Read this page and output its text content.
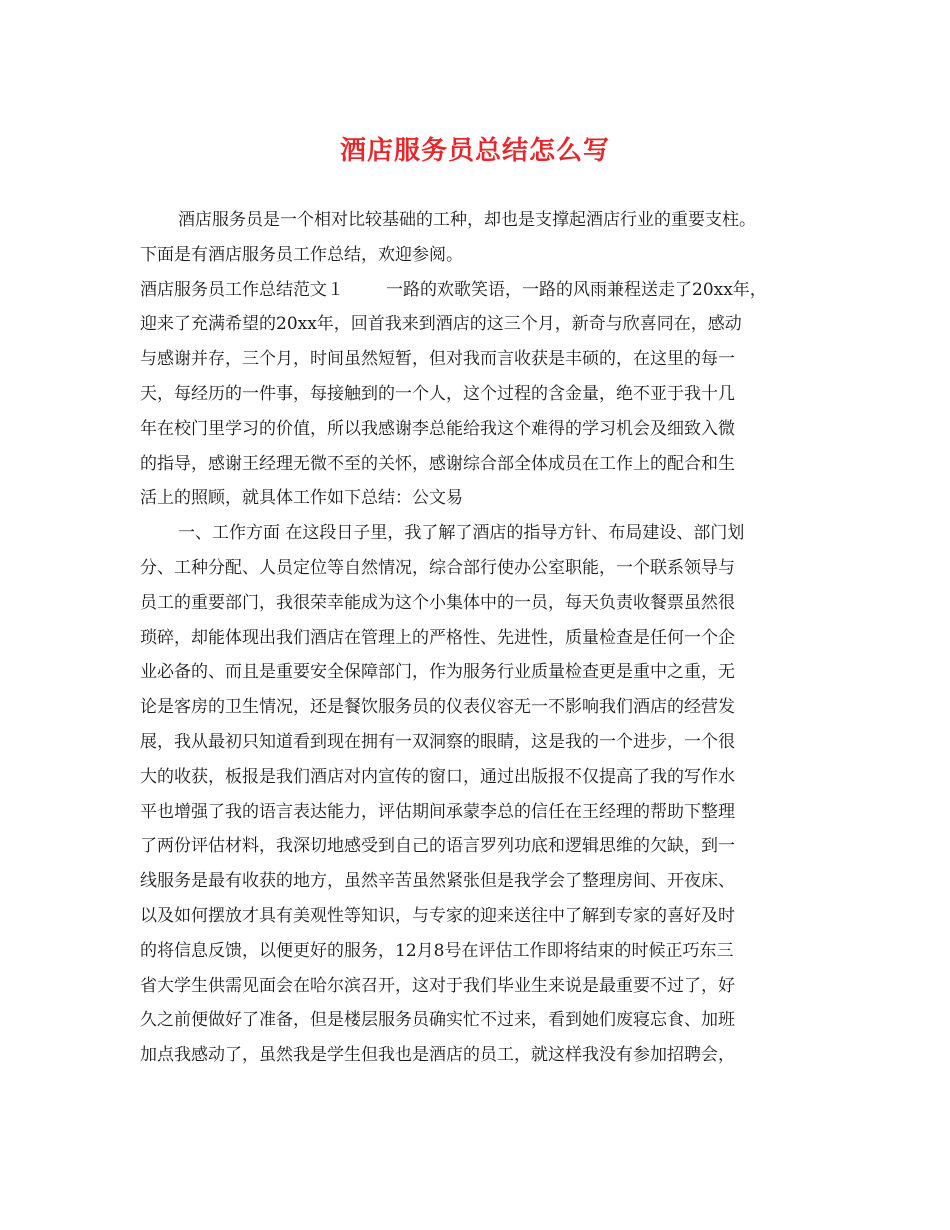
酒店服务员总结怎么写
酒店服务员是一个相对比较基础的工种，却也是支撑起酒店行业的重要支柱。
下面是有酒店服务员工作总结，欢迎参阅。
酒店服务员工作总结范文１ 一路的欢歌笑语，一路的风雨兼程送走了20xx年，
迎来了充满希望的20xx年，回首我来到酒店的这三个月，新奇与欣喜同在，感动
与感谢并存，三个月，时间虽然短暂，但对我而言收获是丰硕的，在这里的每一
天，每经历的一件事，每接触到的一个人，这个过程的含金量，绝不亚于我十几
年在校门里学习的价值，所以我感谢李总能给我这个难得的学习机会及细致入微
的指导，感谢王经理无微不至的关怀，感谢综合部全体成员在工作上的配合和生
活上的照顾，就具体工作如下总结：公文易
一、工作方面 在这段日子里，我了解了酒店的指导方针、布局建设、部门划
分、工种分配、人员定位等自然情况，综合部行使办公室职能，一个联系领导与
员工的重要部门，我很荣幸能成为这个小集体中的一员，每天负责收餐票虽然很
琐碎，却能体现出我们酒店在管理上的严格性、先进性，质量检查是任何一个企
业必备的、而且是重要安全保障部门，作为服务行业质量检查更是重中之重，无
论是客房的卫生情况，还是餐饮服务员的仪表仪容无一不影响我们酒店的经营发
展，我从最初只知道看到现在拥有一双洞察的眼睛，这是我的一个进步，一个很
大的收获，板报是我们酒店对内宣传的窗口，通过出版报不仅提高了我的写作水
平也增强了我的语言表达能力，评估期间承蒙李总的信任在王经理的帮助下整理
了两份评估材料，我深切地感受到自己的语言罗列功底和逻辑思维的欠缺，到一
线服务是最有收获的地方，虽然辛苦虽然紧张但是我学会了整理房间、开夜床、
以及如何摆放才具有美观性等知识，与专家的迎来送往中了解到专家的喜好及时
的将信息反馈，以便更好的服务，12月8号在评估工作即将结束的时候正巧东三
省大学生供需见面会在哈尔滨召开，这对于我们毕业生来说是最重要不过了，好
久之前便做好了准备，但是楼层服务员确实忙不过来，看到她们废寝忘食、加班
加点我感动了，虽然我是学生但我也是酒店的员工，就这样我没有参加招聘会，
